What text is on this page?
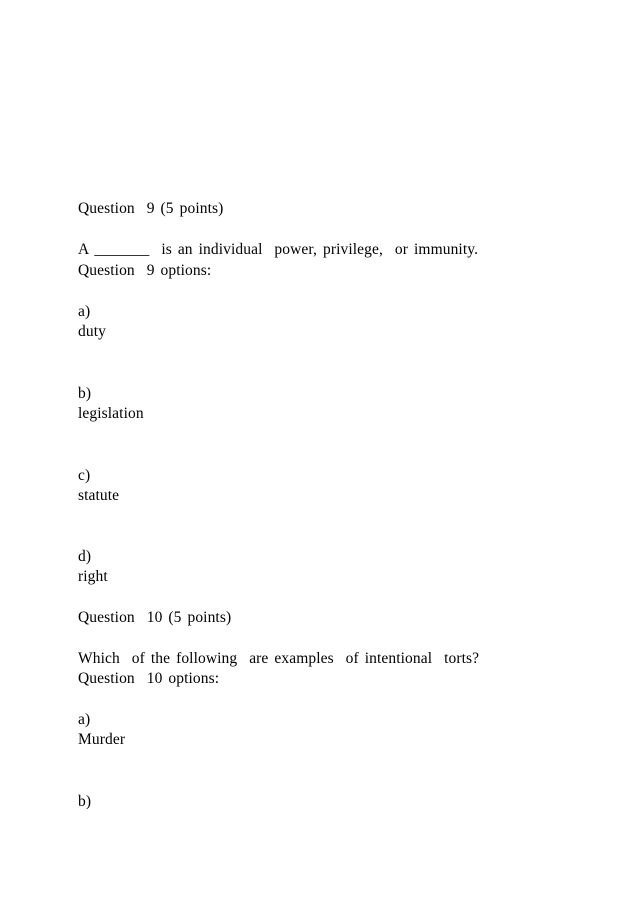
Question  9 (5 points)
A _______  is an individual  power, privilege,  or immunity.
Question  9 options:
a)
duty
b)
legislation
c)
statute
d)
right
Question  10 (5 points)
Which  of the following  are examples  of intentional  torts?
Question  10 options:
a)
Murder
b)
